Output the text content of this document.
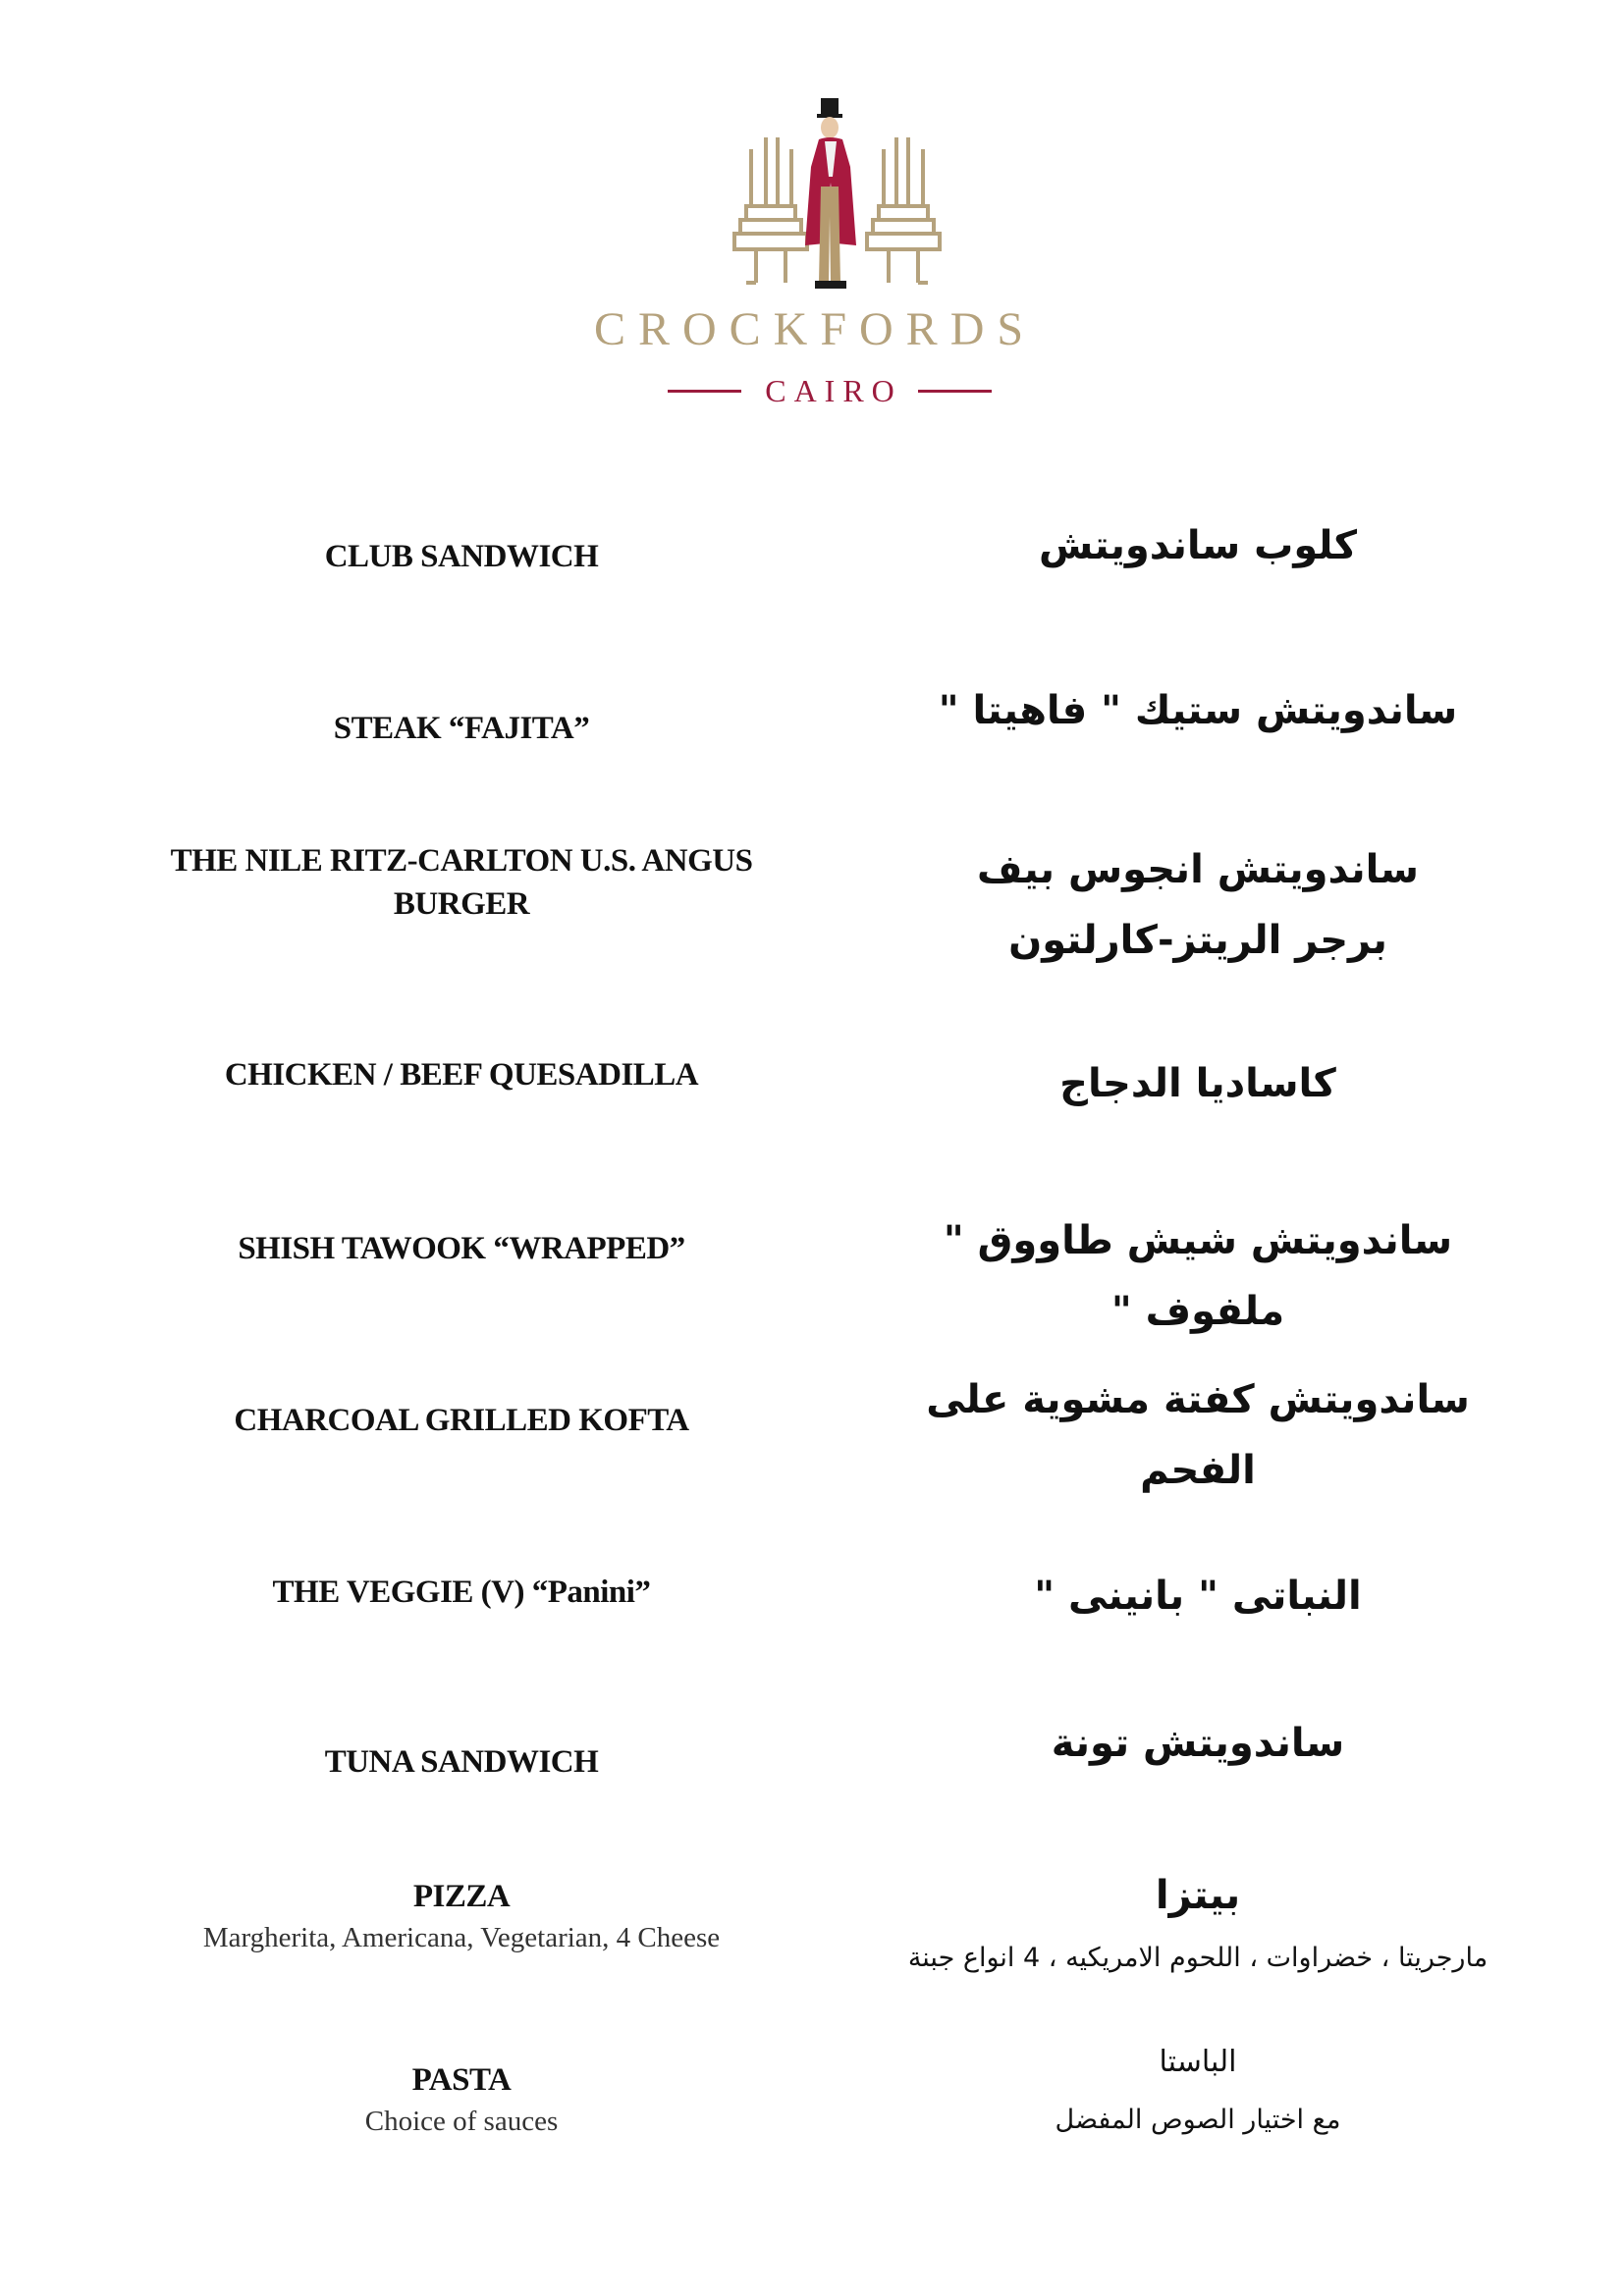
CROCKFORDS
CAIRO
CLUB SANDWICH
STEAK “FAJITA”
THE NILE RITZ-CARLTON U.S. ANGUS BURGER
CHICKEN / BEEF QUESADILLA
SHISH TAWOOK “WRAPPED”
CHARCOAL GRILLED KOFTA
THE VEGGIE (V) “Panini”
TUNA SANDWICH
PIZZA
Margherita, Americana, Vegetarian, 4 Cheese
PASTA
Choice of sauces
كلوب ساندويتش
ساندويتش ستيك " فاهيتا "
ساندويتش انجوس بيف برجر الريتز-كارلتون
كاساديا الدجاج
ساندويتش شيش طاووق " ملفوف "
ساندويتش كفتة مشوية على الفحم
النباتى " بانينى "
ساندويتش تونة
بيتزا
مارجريتا ، خضراوات ، اللحوم الامريكيه ، 4 انواع جبنة
الباستا
مع اختيار الصوص المفضل
